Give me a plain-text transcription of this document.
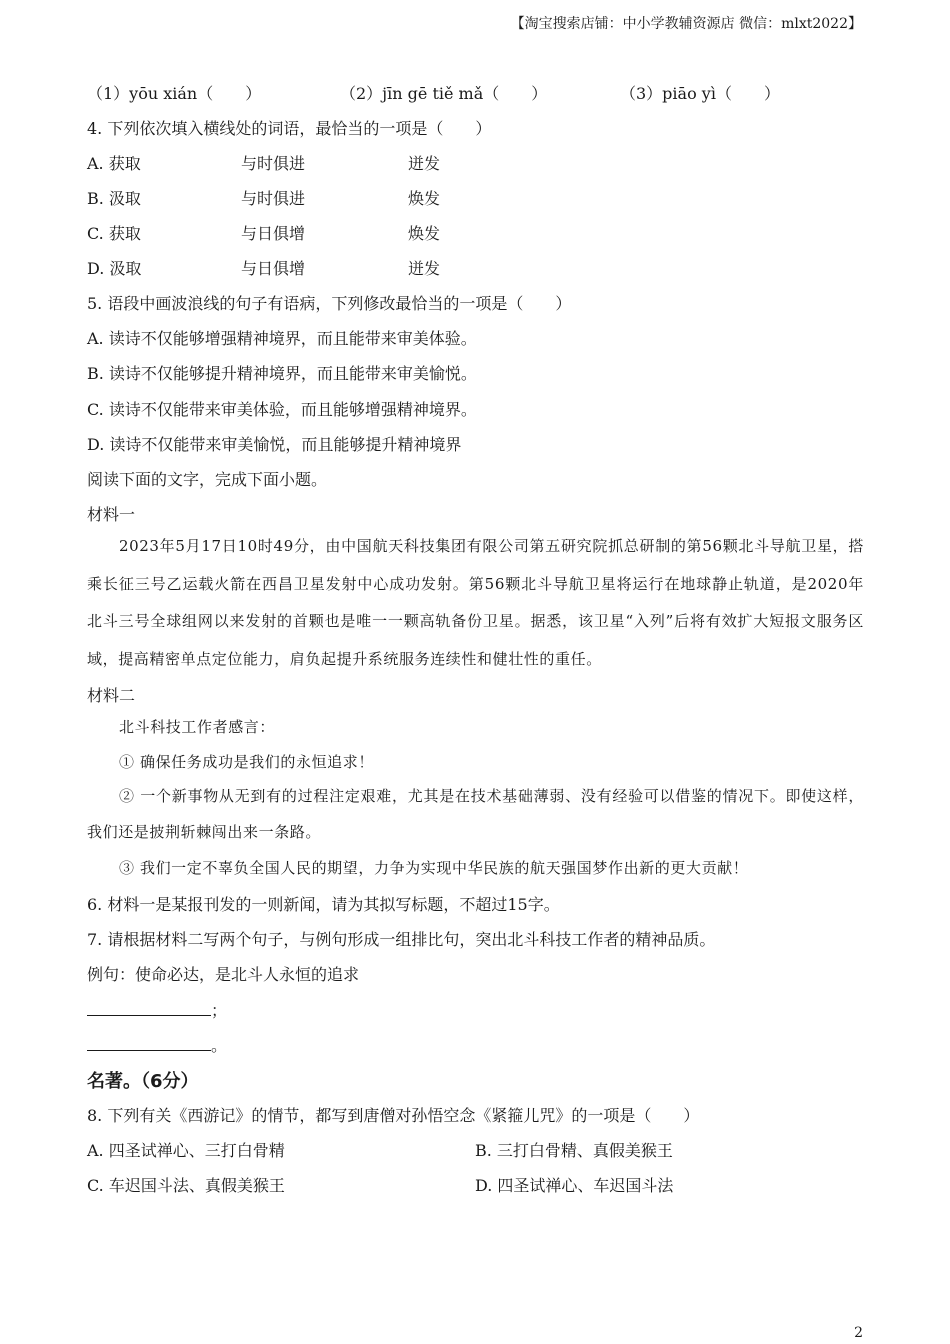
【淘宝搜索店铺：中小学教辅资源店 微信：mlxt2022】
（1）yōu xián（　　）	（2）jīn gē tiě mǎ（　　）	（3）piāo yì（　　）
4. 下列依次填入横线处的词语，最恰当的一项是（　　）
A. 获取	与时俱进	迸发
B. 汲取	与时俱进	焕发
C. 获取	与日俱增	焕发
D. 汲取	与日俱增	迸发
5. 语段中画波浪线的句子有语病，下列修改最恰当的一项是（　　）
A. 读诗不仅能够增强精神境界，而且能带来审美体验。
B. 读诗不仅能够提升精神境界，而且能带来审美愉悦。
C. 读诗不仅能带来审美体验，而且能够增强精神境界。
D. 读诗不仅能带来审美愉悦，而且能够提升精神境界
阅读下面的文字，完成下面小题。
材料一
2023年5月17日10时49分，由中国航天科技集团有限公司第五研究院抓总研制的第56颗北斗导航卫星，搭乘长征三号乙运载火箭在西昌卫星发射中心成功发射。第56颗北斗导航卫星将运行在地球静止轨道，是2020年北斗三号全球组网以来发射的首颗也是唯一一颗高轨备份卫星。据悉，该卫星“入列”后将有效扩大短报文服务区域，提高精密单点定位能力，肩负起提升系统服务连续性和健壮性的重任。
材料二
北斗科技工作者感言：
① 确保任务成功是我们的永恒追求！
② 一个新事物从无到有的过程注定艰难，尤其是在技术基础薄弱、没有经验可以借鉴的情况下。即使这样，我们还是披荆斩棘闯出来一条路。
③ 我们一定不辜负全国人民的期望，力争为实现中华民族的航天强国梦作出新的更大贡献！
6. 材料一是某报刊发的一则新闻，请为其拟写标题，不超过15字。
7. 请根据材料二写两个句子，与例句形成一组排比句，突出北斗科技工作者的精神品质。
例句：使命必达，是北斗人永恒的追求
；
。
名著。（6分）
8. 下列有关《西游记》的情节，都写到唐僧对孙悟空念《紧箍儿咒》的一项是（　　）
A. 四圣试禅心、三打白骨精	B. 三打白骨精、真假美猴王
C. 车迟国斗法、真假美猴王	D. 四圣试禅心、车迟国斗法
2
